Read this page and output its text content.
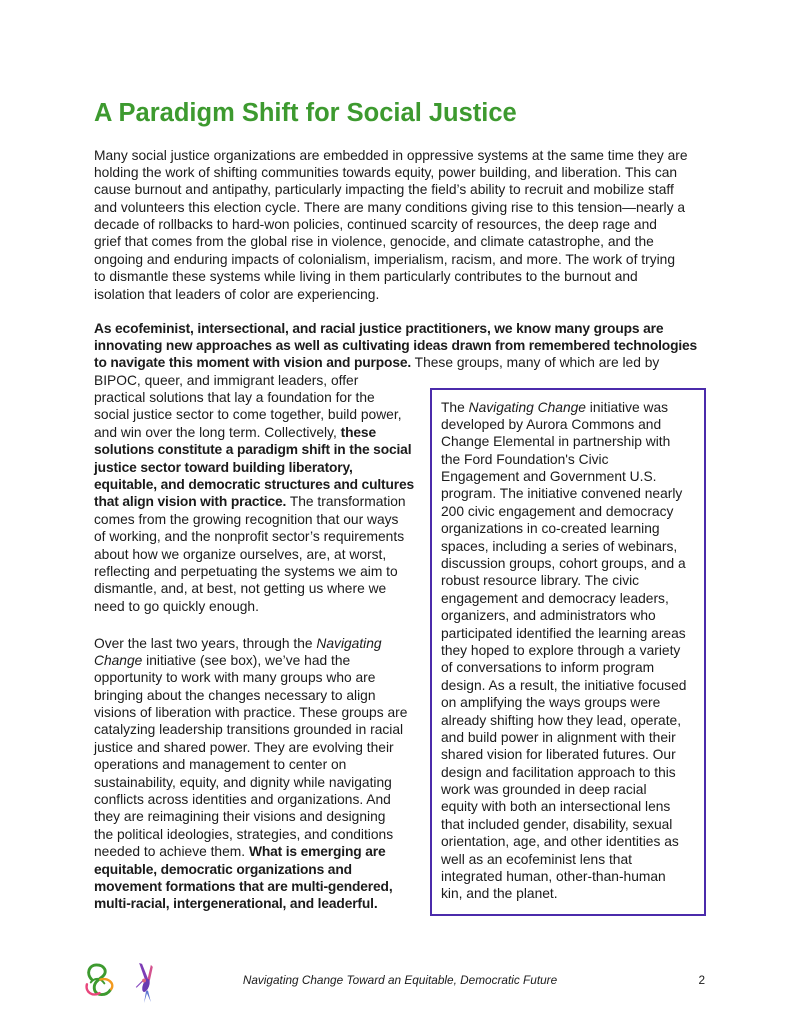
A Paradigm Shift for Social Justice
Many social justice organizations are embedded in oppressive systems at the same time they are
holding the work of shifting communities towards equity, power building, and liberation. This can
cause burnout and antipathy, particularly impacting the field’s ability to recruit and mobilize staff
and volunteers this election cycle. There are many conditions giving rise to this tension—nearly a
decade of rollbacks to hard-won policies, continued scarcity of resources, the deep rage and
grief that comes from the global rise in violence, genocide, and climate catastrophe, and the
ongoing and enduring impacts of colonialism, imperialism, racism, and more. The work of trying
to dismantle these systems while living in them particularly contributes to the burnout and
isolation that leaders of color are experiencing.
As ecofeminist, intersectional, and racial justice practitioners, we know many groups are
innovating new approaches as well as cultivating ideas drawn from remembered technologies
to navigate this moment with vision and purpose. These groups, many of which are led by
BIPOC, queer, and immigrant leaders, offer
practical solutions that lay a foundation for the
social justice sector to come together, build power,
and win over the long term. Collectively, these
solutions constitute a paradigm shift in the social
justice sector toward building liberatory,
equitable, and democratic structures and cultures
that align vision with practice. The transformation
comes from the growing recognition that our ways
of working, and the nonprofit sector’s requirements
about how we organize ourselves, are, at worst,
reflecting and perpetuating the systems we aim to
dismantle, and, at best, not getting us where we
need to go quickly enough.
The Navigating Change initiative was
developed by Aurora Commons and
Change Elemental in partnership with
the Ford Foundation's Civic
Engagement and Government U.S.
program. The initiative convened nearly
200 civic engagement and democracy
organizations in co-created learning
spaces, including a series of webinars,
discussion groups, cohort groups, and a
robust resource library. The civic
engagement and democracy leaders,
organizers, and administrators who
participated identified the learning areas
they hoped to explore through a variety
of conversations to inform program
design. As a result, the initiative focused
on amplifying the ways groups were
already shifting how they lead, operate,
and build power in alignment with their
shared vision for liberated futures. Our
design and facilitation approach to this
work was grounded in deep racial
equity with both an intersectional lens
that included gender, disability, sexual
orientation, age, and other identities as
well as an ecofeminist lens that
integrated human, other-than-human
kin, and the planet.
Over the last two years, through the Navigating
Change initiative (see box), we’ve had the
opportunity to work with many groups who are
bringing about the changes necessary to align
visions of liberation with practice. These groups are
catalyzing leadership transitions grounded in racial
justice and shared power. They are evolving their
operations and management to center on
sustainability, equity, and dignity while navigating
conflicts across identities and organizations. And
they are reimagining their visions and designing
the political ideologies, strategies, and conditions
needed to achieve them. What is emerging are
equitable, democratic organizations and
movement formations that are multi-gendered,
multi-racial, intergenerational, and leaderful.
Navigating Change Toward an Equitable, Democratic Future	2
